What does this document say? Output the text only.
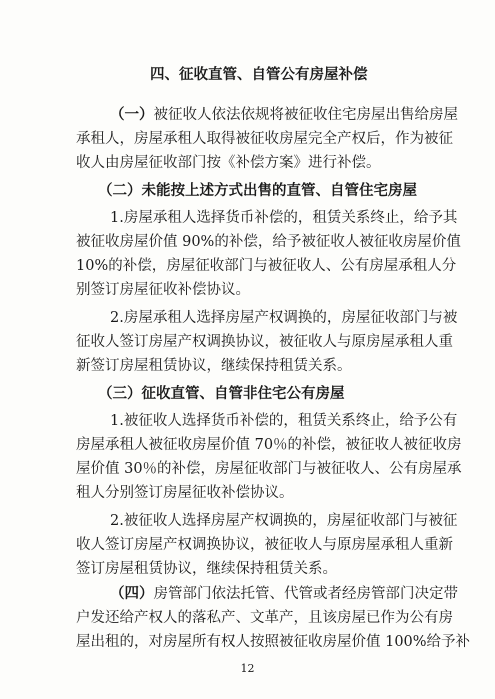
四、征收直管、自管公有房屋补偿
（一）被征收人依法依规将被征收住宅房屋出售给房屋
承租人，房屋承租人取得被征收房屋完全产权后，作为被征
收人由房屋征收部门按《补偿方案》进行补偿。
（二）未能按上述方式出售的直管、自管住宅房屋
1.房屋承租人选择货币补偿的，租赁关系终止，给予其
被征收房屋价值 90%的补偿，给予被征收人被征收房屋价值
10%的补偿，房屋征收部门与被征收人、公有房屋承租人分
别签订房屋征收补偿协议。
2.房屋承租人选择房屋产权调换的，房屋征收部门与被
征收人签订房屋产权调换协议，被征收人与原房屋承租人重
新签订房屋租赁协议，继续保持租赁关系。
（三）征收直管、自管非住宅公有房屋
1.被征收人选择货币补偿的，租赁关系终止，给予公有
房屋承租人被征收房屋价值 70％的补偿，被征收人被征收房
屋价值 30％的补偿，房屋征收部门与被征收人、公有房屋承
租人分别签订房屋征收补偿协议。
2.被征收人选择房屋产权调换的，房屋征收部门与被征
收人签订房屋产权调换协议，被征收人与原房屋承租人重新
签订房屋租赁协议，继续保持租赁关系。
（四）房管部门依法托管、代管或者经房管部门决定带
户发还给产权人的落私产、文革产，且该房屋已作为公有房
屋出租的，对房屋所有权人按照被征收房屋价值 100%给予补
12
